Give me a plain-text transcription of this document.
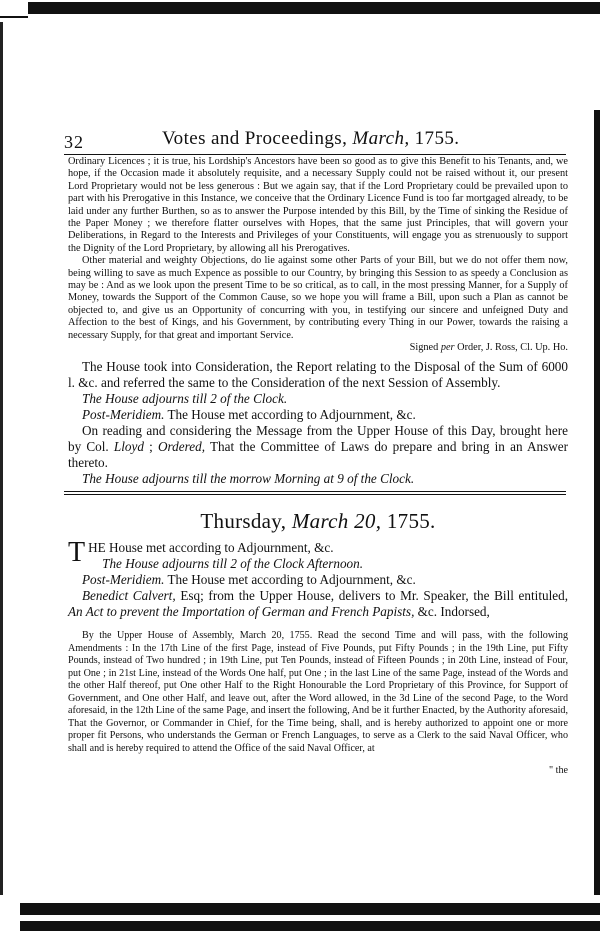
32	Votes and Proceedings, March, 1755.

Ordinary Licences ; it is true, his Lordship's Ancestors have been so good as to give this Benefit to his Tenants, and, we hope, if the Occasion made it absolutely requisite, and a necessary Supply could not be raised without it, our present Lord Proprietary would not be less generous : But we again say, that if the Lord Proprietary could be prevailed upon to part with his Prerogative in this Instance, we conceive that the Ordinary Licence Fund is too far mortgaged already, to be laid under any further Burthen, so as to answer the Purpose intended by this Bill, by the Time of sinking the Residue of the Paper Money ; we therefore flatter ourselves with Hopes, that the same just Principles, that will govern your Deliberations, in Regard to the Interests and Privileges of your Constituents, will engage you as strenuously to support the Dignity of the Lord Proprietary, by allowing all his Prerogatives.

Other material and weighty Objections, do lie against some other Parts of your Bill, but we do not offer them now, being willing to save as much Expence as possible to our Country, by bringing this Session to as speedy a Conclusion as may be : And as we look upon the present Time to be so critical, as to call, in the most pressing Manner, for a Supply of Money, towards the Support of the Common Cause, so we hope you will frame a Bill, upon such a Plan as cannot be objected to, and give us an Opportunity of concurring with you, in testifying our sincere and unfeigned Duty and Affection to the best of Kings, and his Government, by contributing every Thing in our Power, towards the raising a necessary Supply, for that great and important Service.

Signed per Order, J. Ross, Cl. Up. Ho.

The House took into Consideration, the Report relating to the Disposal of the Sum of 6000 l. &c. and referred the same to the Consideration of the next Session of Assembly.

The House adjourns till 2 of the Clock.

Post-Meridiem. The House met according to Adjournment, &c.

On reading and considering the Message from the Upper House of this Day, brought here by Col. Lloyd ; Ordered, That the Committee of Laws do prepare and bring in an Answer thereto.

The House adjourns till the morrow Morning at 9 of the Clock.

Thursday, March 20, 1755.

THE House met according to Adjournment, &c.

The House adjourns till 2 of the Clock Afternoon.

Post-Meridiem. The House met according to Adjournment, &c.

Benedict Calvert, Esq; from the Upper House, delivers to Mr. Speaker, the Bill entituled, An Act to prevent the Importation of German and French Papists, &c. Indorsed,

By the Upper House of Assembly, March 20, 1755. Read the second Time and will pass, with the following Amendments : In the 17th Line of the first Page, instead of Five Pounds, put Fifty Pounds ; in the 19th Line, put Fifty Pounds, instead of Two hundred ; in 19th Line, put Ten Pounds, instead of Fifteen Pounds ; in 20th Line, instead of Four, put One ; in 21st Line, instead of the Words One half, put One ; in the last Line of the same Page, instead of the Words and the other Half thereof, put One other Half to the Right Honourable the Lord Proprietary of this Province, for Support of Government, and One other Half, and leave out, after the Word allowed, in the 3d Line of the second Page, to the Word aforesaid, in the 12th Line of the same Page, and insert the following, And be it further Enacted, by the Authority aforesaid, That the Governor, or Commander in Chief, for the Time being, shall, and is hereby authorized to appoint one or more proper fit Persons, who understands the German or French Languages, to serve as a Clerk to the said Naval Officer, who shall and is hereby required to attend the Office of the said Naval Officer, at

" the
